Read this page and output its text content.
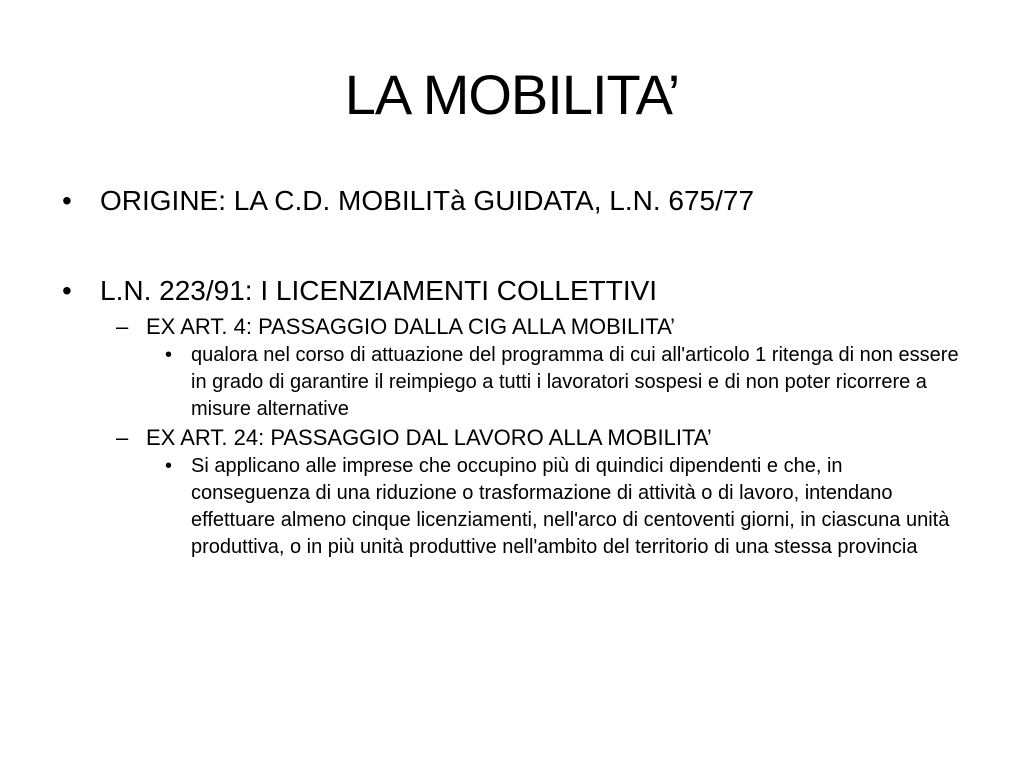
LA MOBILITA’
• ORIGINE: LA C.D. MOBILITà GUIDATA, L.N. 675/77
• L.N. 223/91: I LICENZIAMENTI COLLETTIVI
– EX ART. 4: PASSAGGIO DALLA CIG ALLA MOBILITA’
• qualora nel corso di attuazione del programma di cui all'articolo 1 ritenga di non essere in grado di garantire il reimpiego a tutti i lavoratori sospesi e di non poter ricorrere a misure alternative
– EX ART. 24: PASSAGGIO DAL LAVORO ALLA MOBILITA’
• Si applicano alle imprese che occupino più di quindici dipendenti e che, in conseguenza di una riduzione o trasformazione di attività o di lavoro, intendano effettuare almeno cinque licenziamenti, nell'arco di centoventi giorni, in ciascuna unità produttiva, o in più unità produttive nell'ambito del territorio di una stessa provincia
